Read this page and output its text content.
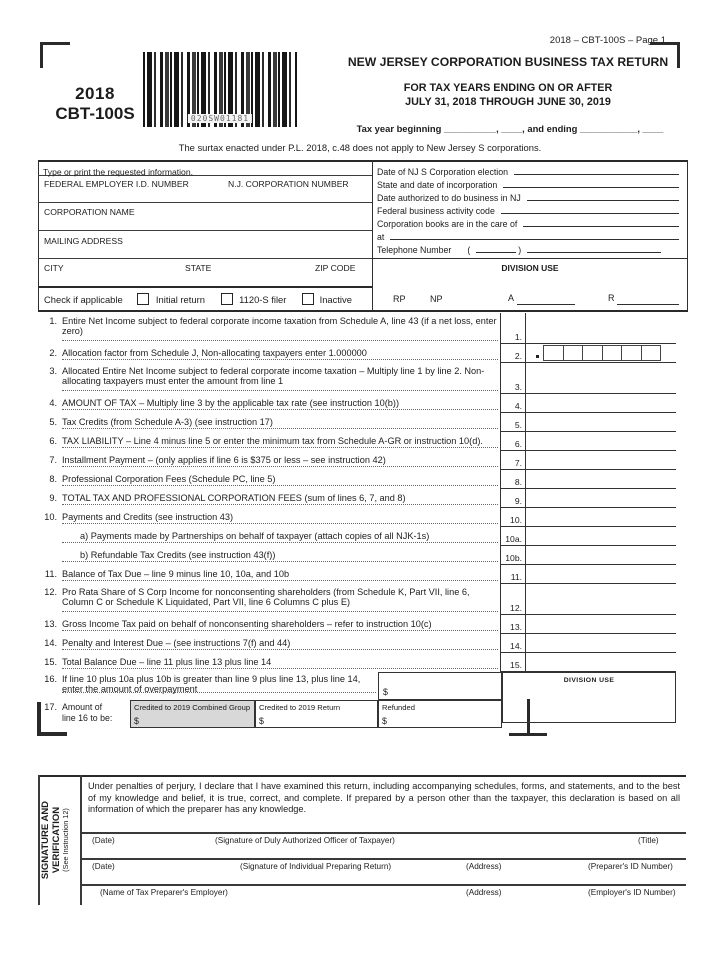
2018 – CBT-100S – Page 1
2018
CBT-100S	020SW01181
NEW JERSEY CORPORATION BUSINESS TAX RETURN
FOR TAX YEARS ENDING ON OR AFTER
JULY 31, 2018 THROUGH JUNE 30, 2019
Tax year beginning __________, ____, and ending ___________, ____
The surtax enacted under P.L. 2018, c.48 does not apply to New Jersey S corporations.
Type or print the requested information.
FEDERAL EMPLOYER I.D. NUMBER	N.J. CORPORATION NUMBER
CORPORATION NAME
MAILING ADDRESS
CITY	STATE	ZIP CODE
Check if applicable	Initial return	1120-S filer	Inactive
Date of NJ S Corporation election
State and date of incorporation
Date authorized to do business in NJ
Federal business activity code
Corporation books are in the care of
at
Telephone Number (	)
DIVISION USE
RP	NP	A	R
1. Entire Net Income subject to federal corporate income taxation from Schedule A, line 43 (if a net loss, enter zero)
1.
2. Allocation factor from Schedule J, Non-allocating taxpayers enter 1.000000	2.
3. Allocated Entire Net Income subject to federal corporate income taxation – Multiply line 1 by line 2. Non-allocating taxpayers must enter the amount from line 1
3.
4. AMOUNT OF TAX – Multiply line 3 by the applicable tax rate (see instruction 10(b))	4.
5. Tax Credits (from Schedule A-3) (see instruction 17)	5.
6. TAX LIABILITY – Line 4 minus line 5 or enter the minimum tax from Schedule A-GR or instruction 10(d).	6.
7. Installment Payment – (only applies if line 6 is $375 or less – see instruction 42)	7.
8. Professional Corporation Fees (Schedule PC, line 5)	8.
9. TOTAL TAX AND PROFESSIONAL CORPORATION FEES (sum of lines 6, 7, and 8)	9.
10. Payments and Credits (see instruction 43)	10.
a) Payments made by Partnerships on behalf of taxpayer (attach copies of all NJK-1s)	10a.
b) Refundable Tax Credits (see instruction 43(f))	10b.
11. Balance of Tax Due – line 9 minus line 10, 10a, and 10b	11.
12. Pro Rata Share of S Corp Income for nonconsenting shareholders (from Schedule K, Part VII, line 6, Column C or Schedule K Liquidated, Part VII, line 6 Columns C plus E)
12.
13. Gross Income Tax paid on behalf of nonconsenting shareholders – refer to instruction 10(c)	13.
14. Penalty and Interest Due – (see instructions 7(f) and 44)	14.
15. Total Balance Due – line 11 plus line 13 plus line 14	15.
16. If line 10 plus 10a plus 10b is greater than line 9 plus line 13, plus line 14,
enter the amount of overpayment	$
17. Amount of
line 16 to be:
Credited to 2019 Combined Group
$
Credited to 2019 Return
$
Refunded
$
DIVISION USE
SIGNATURE AND VERIFICATION (See Instruction 12)
Under penalties of perjury, I declare that I have examined this return, including accompanying schedules, forms, and statements, and to the best of my knowledge and belief, it is true, correct, and complete. If prepared by a person other than the taxpayer, this declaration is based on all information of which the preparer has any knowledge.
(Date)	(Signature of Duly Authorized Officer of Taxpayer)	(Title)
(Date)	(Signature of Individual Preparing Return)	(Address)	(Preparer's ID Number)
(Name of Tax Preparer's Employer)	(Address)	(Employer's ID Number)
